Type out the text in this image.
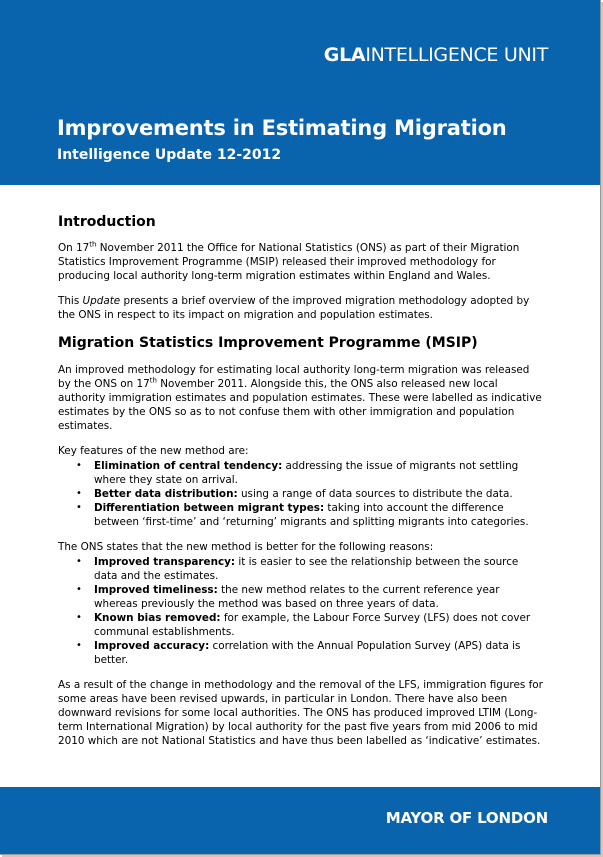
GLAINTELLIGENCE UNIT
Improvements in Estimating Migration
Intelligence Update 12-2012
Introduction

On 17th November 2011 the Office for National Statistics (ONS) as part of their Migration Statistics Improvement Programme (MSIP) released their improved methodology for producing local authority long-term migration estimates within England and Wales.

This Update presents a brief overview of the improved migration methodology adopted by the ONS in respect to its impact on migration and population estimates.

Migration Statistics Improvement Programme (MSIP)

An improved methodology for estimating local authority long-term migration was released by the ONS on 17th November 2011. Alongside this, the ONS also released new local authority immigration estimates and population estimates. These were labelled as indicative estimates by the ONS so as to not confuse them with other immigration and population estimates.

Key features of the new method are:

• Elimination of central tendency: addressing the issue of migrants not settling where they state on arrival.
• Better data distribution: using a range of data sources to distribute the data.
• Differentiation between migrant types: taking into account the difference between ‘first-time’ and ‘returning’ migrants and splitting migrants into categories.

The ONS states that the new method is better for the following reasons:

• Improved transparency: it is easier to see the relationship between the source data and the estimates.
• Improved timeliness: the new method relates to the current reference year whereas previously the method was based on three years of data.
• Known bias removed: for example, the Labour Force Survey (LFS) does not cover communal establishments.
• Improved accuracy: correlation with the Annual Population Survey (APS) data is better.

As a result of the change in methodology and the removal of the LFS, immigration figures for some areas have been revised upwards, in particular in London. There have also been downward revisions for some local authorities. The ONS has produced improved LTIM (Long-term International Migration) by local authority for the past five years from mid 2006 to mid 2010 which are not National Statistics and have thus been labelled as ‘indicative’ estimates.

MAYOR OF LONDON
